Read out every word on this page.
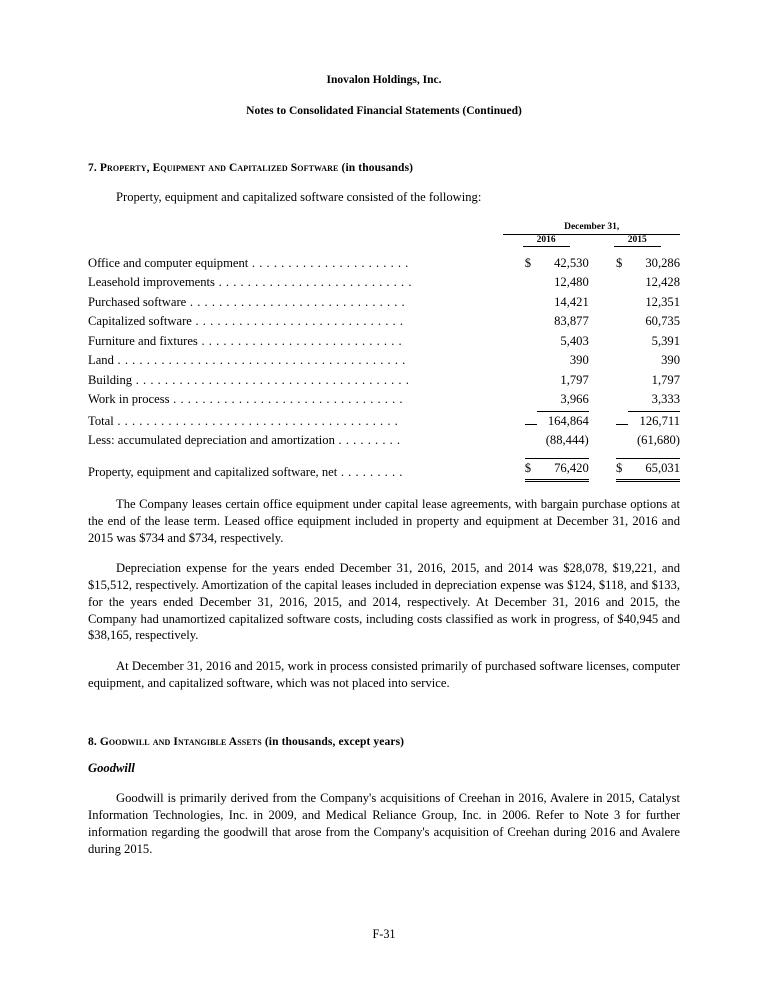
Inovalon Holdings, Inc.
Notes to Consolidated Financial Statements (Continued)
7. Property, Equipment and Capitalized Software (in thousands)
Property, equipment and capitalized software consisted of the following:

	December 31,		

	2016		2015

Office and computer equipment . . . . . . . . . . . . . . . . . . . . . .	$ 42,530		$ 30,286

Leasehold improvements . . . . . . . . . . . . . . . . . . . . . . . . . . .	12,480		12,428

Purchased software . . . . . . . . . . . . . . . . . . . . . . . . . . . . . .	14,421		12,351

Capitalized software . . . . . . . . . . . . . . . . . . . . . . . . . . . . .	83,877		60,735

Furniture and fixtures . . . . . . . . . . . . . . . . . . . . . . . . . . . .	5,403		5,391

Land . . . . . . . . . . . . . . . . . . . . . . . . . . . . . . . . . . . . . . . .	390		390

Building . . . . . . . . . . . . . . . . . . . . . . . . . . . . . . . . . . . . . .	1,797		1,797

Work in process . . . . . . . . . . . . . . . . . . . . . . . . . . . . . . . .	3,966		3,333

Total . . . . . . . . . . . . . . . . . . . . . . . . . . . . . . . . . . . . . . .	164,864		126,711

Less: accumulated depreciation and amortization . . . . . . . . .	(88,444)		(61,680)

Property, equipment and capitalized software, net . . . . . . . . .	$ 76,420		$ 65,031

The Company leases certain office equipment under capital lease agreements, with bargain purchase options at the end of the lease term. Leased office equipment included in property and equipment at December 31, 2016 and 2015 was $734 and $734, respectively.

Depreciation expense for the years ended December 31, 2016, 2015, and 2014 was $28,078, $19,221, and $15,512, respectively. Amortization of the capital leases included in depreciation expense was $124, $118, and $133, for the years ended December 31, 2016, 2015, and 2014, respectively. At December 31, 2016 and 2015, the Company had unamortized capitalized software costs, including costs classified as work in progress, of $40,945 and $38,165, respectively.

At December 31, 2016 and 2015, work in process consisted primarily of purchased software licenses, computer equipment, and capitalized software, which was not placed into service.

8. Goodwill and Intangible Assets (in thousands, except years)
Goodwill

Goodwill is primarily derived from the Company's acquisitions of Creehan in 2016, Avalere in 2015, Catalyst Information Technologies, Inc. in 2009, and Medical Reliance Group, Inc. in 2006. Refer to Note 3 for further information regarding the goodwill that arose from the Company's acquisition of Creehan during 2016 and Avalere during 2015.

F-31
